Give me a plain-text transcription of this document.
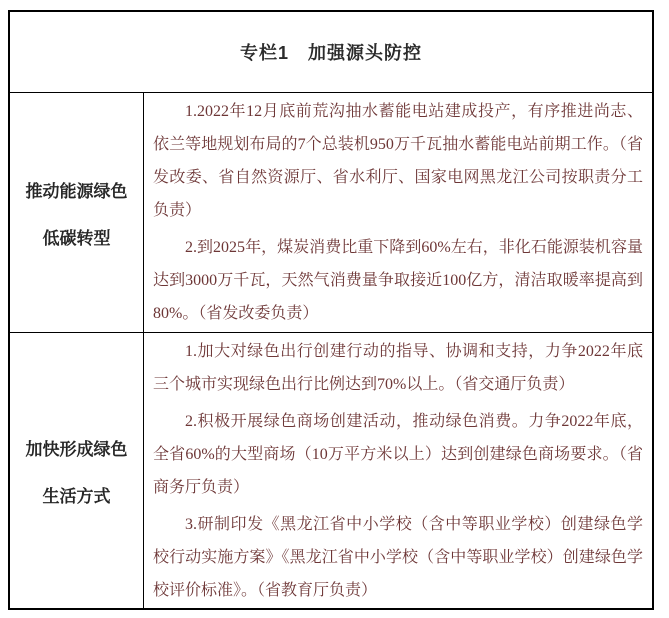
专栏1　加强源头防控
推动能源绿色
低碳转型

1.2022年12月底前荒沟抽水蓄能电站建成投产，有序推进尚志、依兰等地规划布局的7个总装机950万千瓦抽水蓄能电站前期工作。（省发改委、省自然资源厅、省水利厅、国家电网黑龙江公司按职责分工负责）

2.到2025年，煤炭消费比重下降到60%左右，非化石能源装机容量达到3000万千瓦，天然气消费量争取接近100亿方，清洁取暖率提高到80%。（省发改委负责）

加快形成绿色
生活方式

1.加大对绿色出行创建行动的指导、协调和支持，力争2022年底三个城市实现绿色出行比例达到70%以上。（省交通厅负责）

2.积极开展绿色商场创建活动，推动绿色消费。力争2022年底，全省60%的大型商场（10万平方米以上）达到创建绿色商场要求。（省商务厅负责）

3.研制印发《黑龙江省中小学校（含中等职业学校）创建绿色学校行动实施方案》《黑龙江省中小学校（含中等职业学校）创建绿色学校评价标准》。（省教育厅负责）
